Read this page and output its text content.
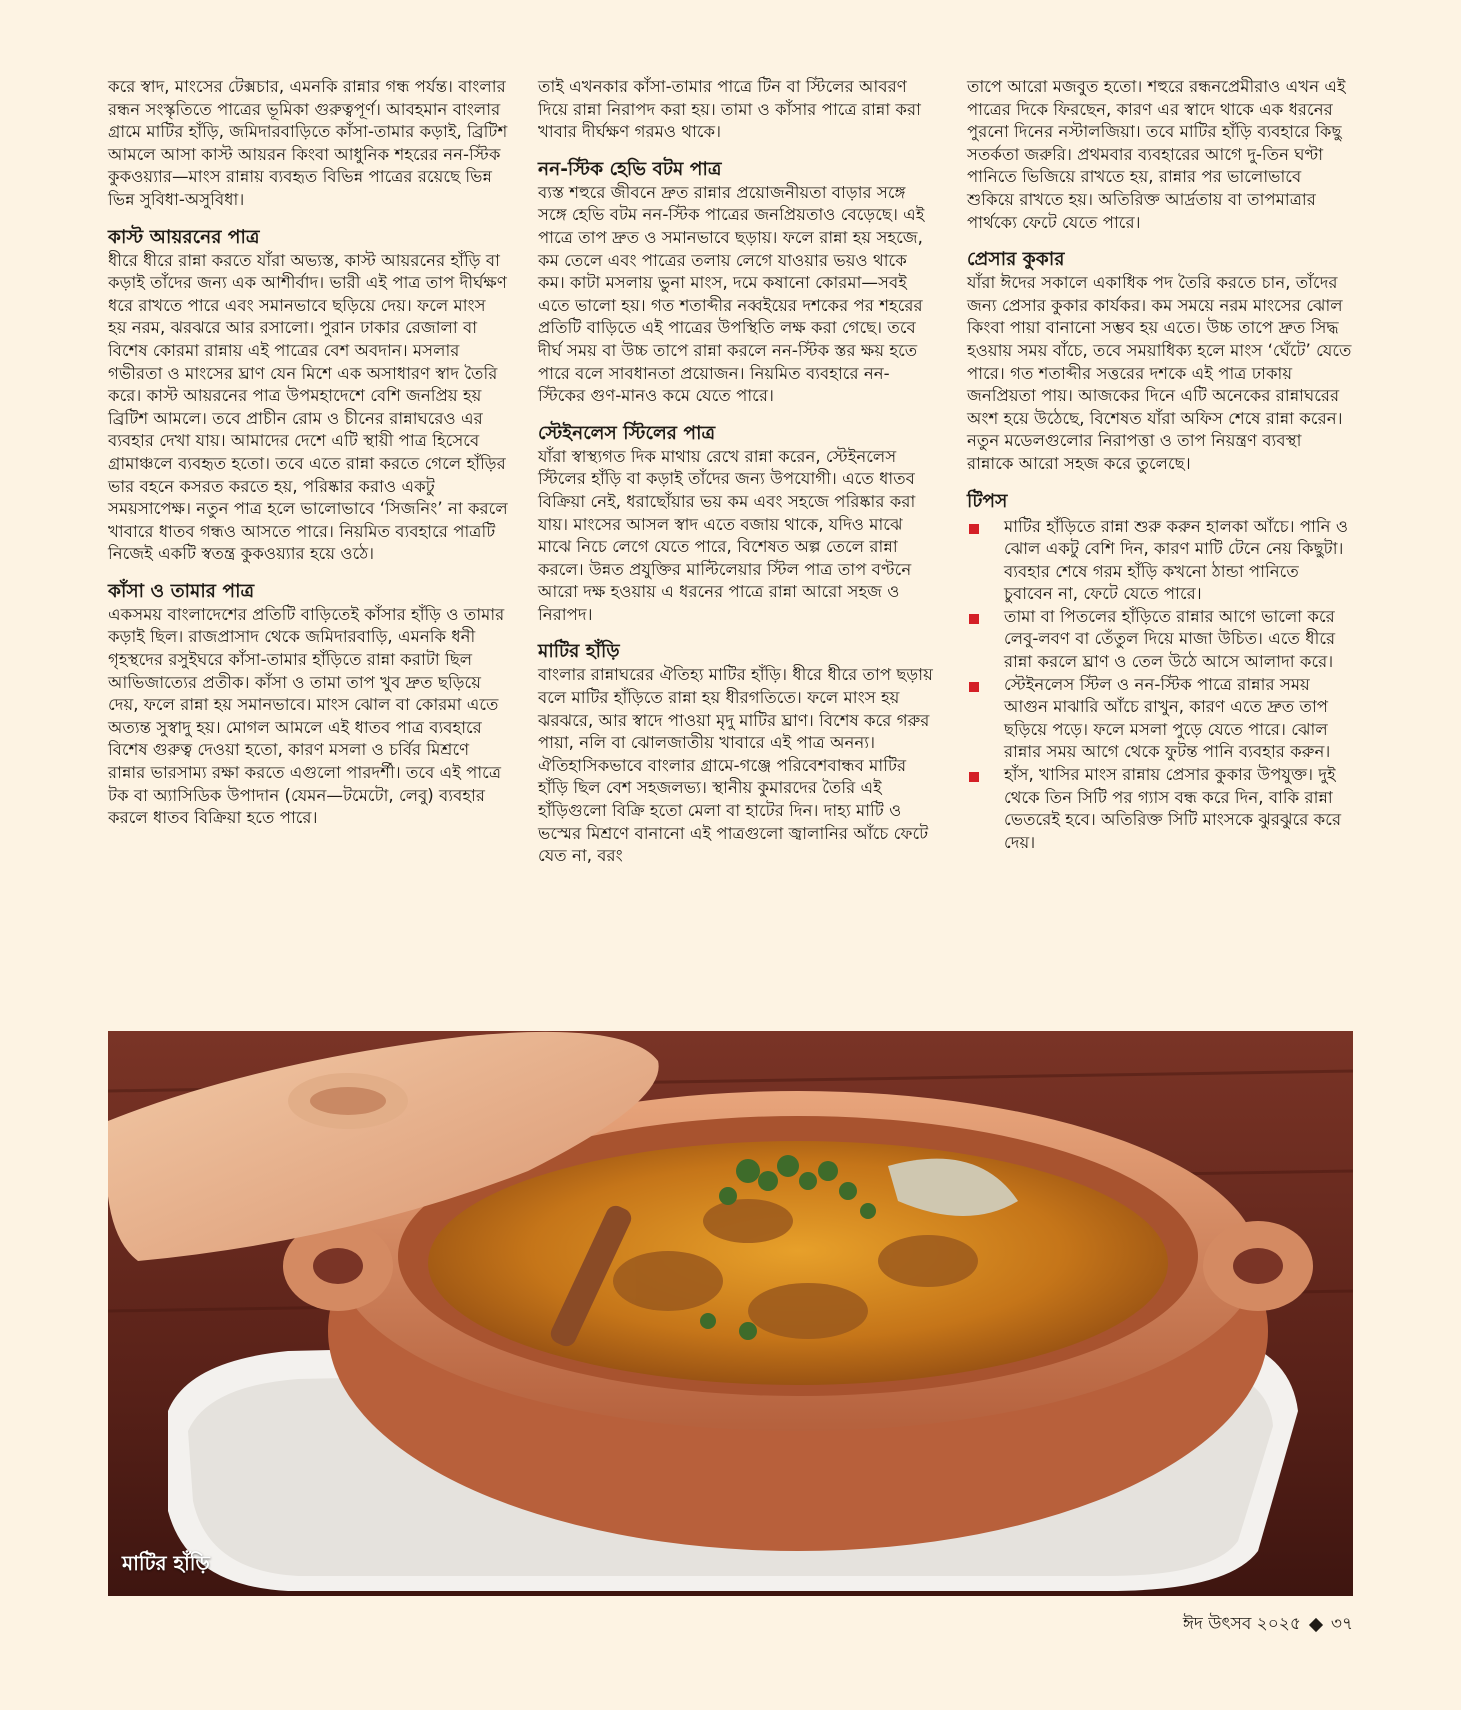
করে স্বাদ, মাংসের টেক্সচার, এমনকি রান্নার গন্ধ পর্যন্ত। বাংলার রন্ধন সংস্কৃতিতে পাত্রের ভূমিকা গুরুত্বপূর্ণ। আবহমান বাংলার গ্রামে মাটির হাঁড়ি, জমিদারবাড়িতে কাঁসা-তামার কড়াই, ব্রিটিশ আমলে আসা কাস্ট আয়রন কিংবা আধুনিক শহরের নন-স্টিক কুকওয়্যার—মাংস রান্নায় ব্যবহৃত বিভিন্ন পাত্রের রয়েছে ভিন্ন ভিন্ন সুবিধা-অসুবিধা।

কাস্ট আয়রনের পাত্র

ধীরে ধীরে রান্না করতে যাঁরা অভ্যস্ত, কাস্ট আয়রনের হাঁড়ি বা কড়াই তাঁদের জন্য এক আশীর্বাদ। ভারী এই পাত্র তাপ দীর্ঘক্ষণ ধরে রাখতে পারে এবং সমানভাবে ছড়িয়ে দেয়। ফলে মাংস হয় নরম, ঝরঝরে আর রসালো। পুরান ঢাকার রেজালা বা বিশেষ কোরমা রান্নায় এই পাত্রের বেশ অবদান। মসলার গভীরতা ও মাংসের ঘ্রাণ যেন মিশে এক অসাধারণ স্বাদ তৈরি করে। কাস্ট আয়রনের পাত্র উপমহাদেশে বেশি জনপ্রিয় হয় ব্রিটিশ আমলে। তবে প্রাচীন রোম ও চীনের রান্নাঘরেও এর ব্যবহার দেখা যায়। আমাদের দেশে এটি স্থায়ী পাত্র হিসেবে গ্রামাঞ্চলে ব্যবহৃত হতো। তবে এতে রান্না করতে গেলে হাঁড়ির ভার বহনে কসরত করতে হয়, পরিষ্কার করাও একটু সময়সাপেক্ষ। নতুন পাত্র হলে ভালোভাবে ‘সিজনিং’ না করলে খাবারে ধাতব গন্ধও আসতে পারে। নিয়মিত ব্যবহারে পাত্রটি নিজেই একটি স্বতন্ত্র কুকওয়্যার হয়ে ওঠে।

কাঁসা ও তামার পাত্র

একসময় বাংলাদেশের প্রতিটি বাড়িতেই কাঁসার হাঁড়ি ও তামার কড়াই ছিল। রাজপ্রাসাদ থেকে জমিদারবাড়ি, এমনকি ধনী গৃহস্থদের রসুইঘরে কাঁসা-তামার হাঁড়িতে রান্না করাটা ছিল আভিজাত্যের প্রতীক। কাঁসা ও তামা তাপ খুব দ্রুত ছড়িয়ে দেয়, ফলে রান্না হয় সমানভাবে। মাংস ঝোল বা কোরমা এতে অত্যন্ত সুস্বাদু হয়। মোগল আমলে এই ধাতব পাত্র ব্যবহারে বিশেষ গুরুত্ব দেওয়া হতো, কারণ মসলা ও চর্বির মিশ্রণে রান্নার ভারসাম্য রক্ষা করতে এগুলো পারদর্শী। তবে এই পাত্রে টক বা অ্যাসিডিক উপাদান (যেমন—টমেটো, লেবু) ব্যবহার করলে ধাতব বিক্রিয়া হতে পারে।

তাই এখনকার কাঁসা-তামার পাত্রে টিন বা স্টিলের আবরণ দিয়ে রান্না নিরাপদ করা হয়। তামা ও কাঁসার পাত্রে রান্না করা খাবার দীর্ঘক্ষণ গরমও থাকে।

নন-স্টিক হেভি বটম পাত্র

ব্যস্ত শহুরে জীবনে দ্রুত রান্নার প্রয়োজনীয়তা বাড়ার সঙ্গে সঙ্গে হেভি বটম নন-স্টিক পাত্রের জনপ্রিয়তাও বেড়েছে। এই পাত্রে তাপ দ্রুত ও সমানভাবে ছড়ায়। ফলে রান্না হয় সহজে, কম তেলে এবং পাত্রের তলায় লেগে যাওয়ার ভয়ও থাকে কম। কাটা মসলায় ভুনা মাংস, দমে কষানো কোরমা—সবই এতে ভালো হয়। গত শতাব্দীর নব্বইয়ের দশকের পর শহরের প্রতিটি বাড়িতে এই পাত্রের উপস্থিতি লক্ষ করা গেছে। তবে দীর্ঘ সময় বা উচ্চ তাপে রান্না করলে নন-স্টিক স্তর ক্ষয় হতে পারে বলে সাবধানতা প্রয়োজন। নিয়মিত ব্যবহারে নন-স্টিকের গুণ-মানও কমে যেতে পারে।

স্টেইনলেস স্টিলের পাত্র

যাঁরা স্বাস্থ্যগত দিক মাথায় রেখে রান্না করেন, স্টেইনলেস স্টিলের হাঁড়ি বা কড়াই তাঁদের জন্য উপযোগী। এতে ধাতব বিক্রিয়া নেই, ধরাছোঁয়ার ভয় কম এবং সহজে পরিষ্কার করা যায়। মাংসের আসল স্বাদ এতে বজায় থাকে, যদিও মাঝে মাঝে নিচে লেগে যেতে পারে, বিশেষত অল্প তেলে রান্না করলে। উন্নত প্রযুক্তির মাল্টিলেয়ার স্টিল পাত্র তাপ বণ্টনে আরো দক্ষ হওয়ায় এ ধরনের পাত্রে রান্না আরো সহজ ও নিরাপদ।

মাটির হাঁড়ি

বাংলার রান্নাঘরের ঐতিহ্য মাটির হাঁড়ি। ধীরে ধীরে তাপ ছড়ায় বলে মাটির হাঁড়িতে রান্না হয় ধীরগতিতে। ফলে মাংস হয় ঝরঝরে, আর স্বাদে পাওয়া মৃদু মাটির ঘ্রাণ। বিশেষ করে গরুর পায়া, নলি বা ঝোলজাতীয় খাবারে এই পাত্র অনন্য। ঐতিহাসিকভাবে বাংলার গ্রামে-গঞ্জে পরিবেশবান্ধব মাটির হাঁড়ি ছিল বেশ সহজলভ্য। স্থানীয় কুমারদের তৈরি এই হাঁড়িগুলো বিক্রি হতো মেলা বা হাটের দিন। দাহ্য মাটি ও ভস্মের মিশ্রণে বানানো এই পাত্রগুলো জ্বালানির আঁচে ফেটে যেত না, বরং

তাপে আরো মজবুত হতো। শহুরে রন্ধনপ্রেমীরাও এখন এই পাত্রের দিকে ফিরছেন, কারণ এর স্বাদে থাকে এক ধরনের পুরনো দিনের নস্টালজিয়া। তবে মাটির হাঁড়ি ব্যবহারে কিছু সতর্কতা জরুরি। প্রথমবার ব্যবহারের আগে দু-তিন ঘণ্টা পানিতে ভিজিয়ে রাখতে হয়, রান্নার পর ভালোভাবে শুকিয়ে রাখতে হয়। অতিরিক্ত আর্দ্রতায় বা তাপমাত্রার পার্থক্যে ফেটে যেতে পারে।

প্রেসার কুকার

যাঁরা ঈদের সকালে একাধিক পদ তৈরি করতে চান, তাঁদের জন্য প্রেসার কুকার কার্যকর। কম সময়ে নরম মাংসের ঝোল কিংবা পায়া বানানো সম্ভব হয় এতে। উচ্চ তাপে দ্রুত সিদ্ধ হওয়ায় সময় বাঁচে, তবে সময়াধিক্য হলে মাংস ‘ঘেঁটে’ যেতে পারে। গত শতাব্দীর সত্তরের দশকে এই পাত্র ঢাকায় জনপ্রিয়তা পায়। আজকের দিনে এটি অনেকের রান্নাঘরের অংশ হয়ে উঠেছে, বিশেষত যাঁরা অফিস শেষে রান্না করেন। নতুন মডেলগুলোর নিরাপত্তা ও তাপ নিয়ন্ত্রণ ব্যবস্থা রান্নাকে আরো সহজ করে তুলেছে।

টিপস
মাটির হাঁড়িতে রান্না শুরু করুন হালকা আঁচে। পানি ও ঝোল একটু বেশি দিন, কারণ মাটি টেনে নেয় কিছুটা। ব্যবহার শেষে গরম হাঁড়ি কখনো ঠান্ডা পানিতে চুবাবেন না, ফেটে যেতে পারে।
তামা বা পিতলের হাঁড়িতে রান্নার আগে ভালো করে লেবু-লবণ বা তেঁতুল দিয়ে মাজা উচিত। এতে ধীরে রান্না করলে ঘ্রাণ ও তেল উঠে আসে আলাদা করে।
স্টেইনলেস স্টিল ও নন-স্টিক পাত্রে রান্নার সময় আগুন মাঝারি আঁচে রাখুন, কারণ এতে দ্রুত তাপ ছড়িয়ে পড়ে। ফলে মসলা পুড়ে যেতে পারে। ঝোল রান্নার সময় আগে থেকে ফুটন্ত পানি ব্যবহার করুন।
হাঁস, খাসির মাংস রান্নায় প্রেসার কুকার উপযুক্ত। দুই থেকে তিন সিটি পর গ্যাস বন্ধ করে দিন, বাকি রান্না ভেতরেই হবে। অতিরিক্ত সিটি মাংসকে ঝুরঝুরে করে দেয়।
মাটির হাঁড়ি
ঈদ উৎসব ২০২৫ ৩৭
